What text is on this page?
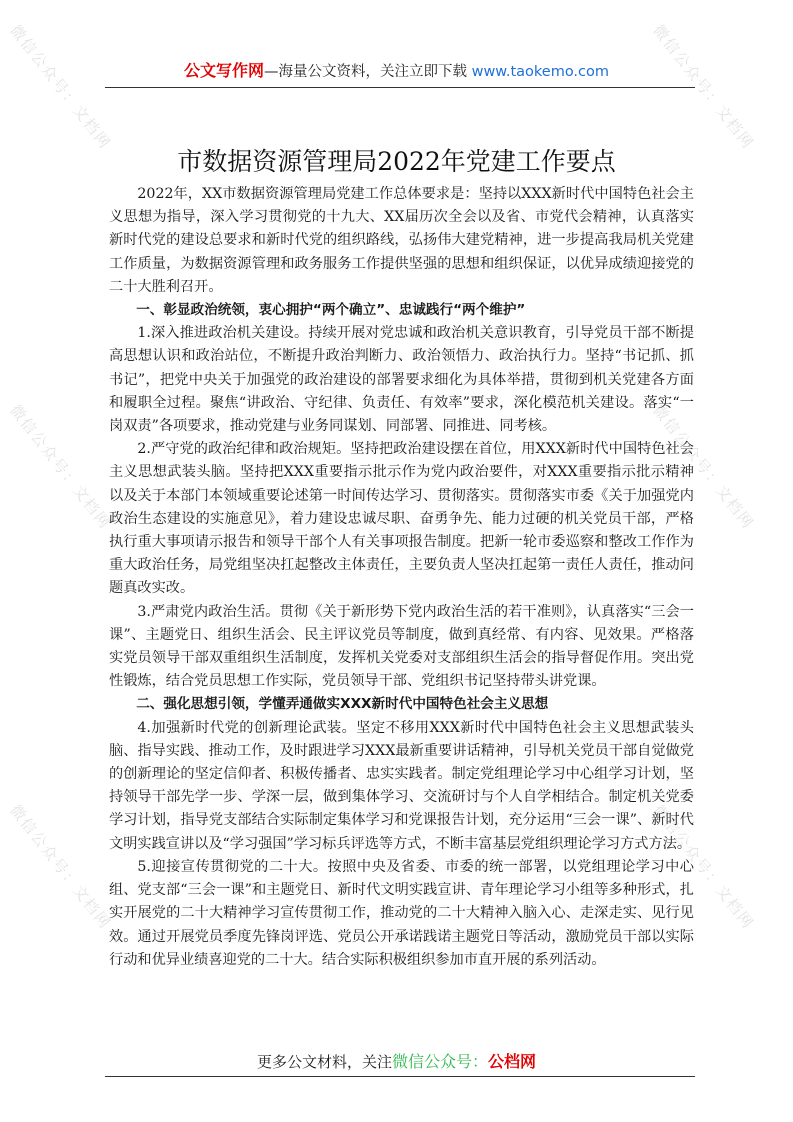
微信公众号：文档网
微信公众号：文档网
微信公众号：文档网
微信公众号：文档网
微信公众号：文档网
微信公众号：文档网
公文写作网—海量公文资料，关注立即下载 www.taokemo.com
市数据资源管理局2022年党建工作要点

2022年，XX市数据资源管理局党建工作总体要求是：坚持以XXX新时代中国特色社会主义思想为指导，深入学习贯彻党的十九大、XX届历次全会以及省、市党代会精神，认真落实新时代党的建设总要求和新时代党的组织路线，弘扬伟大建党精神，进一步提高我局机关党建工作质量，为数据资源管理和政务服务工作提供坚强的思想和组织保证，以优异成绩迎接党的二十大胜利召开。

一、彰显政治统领，衷心拥护“两个确立”、忠诚践行“两个维护”

1.深入推进政治机关建设。持续开展对党忠诚和政治机关意识教育，引导党员干部不断提高思想认识和政治站位，不断提升政治判断力、政治领悟力、政治执行力。坚持“书记抓、抓书记”，把党中央关于加强党的政治建设的部署要求细化为具体举措，贯彻到机关党建各方面和履职全过程。聚焦“讲政治、守纪律、负责任、有效率”要求，深化模范机关建设。落实“一岗双责”各项要求，推动党建与业务同谋划、同部署、同推进、同考核。

2.严守党的政治纪律和政治规矩。坚持把政治建设摆在首位，用XXX新时代中国特色社会主义思想武装头脑。坚持把XXX重要指示批示作为党内政治要件，对XXX重要指示批示精神以及关于本部门本领域重要论述第一时间传达学习、贯彻落实。贯彻落实市委《关于加强党内政治生态建设的实施意见》，着力建设忠诚尽职、奋勇争先、能力过硬的机关党员干部，严格执行重大事项请示报告和领导干部个人有关事项报告制度。把新一轮市委巡察和整改工作作为重大政治任务，局党组坚决扛起整改主体责任，主要负责人坚决扛起第一责任人责任，推动问题真改实改。

3.严肃党内政治生活。贯彻《关于新形势下党内政治生活的若干准则》，认真落实“三会一课”、主题党日、组织生活会、民主评议党员等制度，做到真经常、有内容、见效果。严格落实党员领导干部双重组织生活制度，发挥机关党委对支部组织生活会的指导督促作用。突出党性锻炼，结合党员思想工作实际，党员领导干部、党组织书记坚持带头讲党课。

二、强化思想引领，学懂弄通做实XXX新时代中国特色社会主义思想

4.加强新时代党的创新理论武装。坚定不移用XXX新时代中国特色社会主义思想武装头脑、指导实践、推动工作，及时跟进学习XXX最新重要讲话精神，引导机关党员干部自觉做党的创新理论的坚定信仰者、积极传播者、忠实实践者。制定党组理论学习中心组学习计划，坚持领导干部先学一步、学深一层，做到集体学习、交流研讨与个人自学相结合。制定机关党委学习计划，指导党支部结合实际制定集体学习和党课报告计划，充分运用“三会一课”、新时代文明实践宣讲以及“学习强国”学习标兵评选等方式，不断丰富基层党组织理论学习方式方法。

5.迎接宣传贯彻党的二十大。按照中央及省委、市委的统一部署，以党组理论学习中心组、党支部“三会一课”和主题党日、新时代文明实践宣讲、青年理论学习小组等多种形式，扎实开展党的二十大精神学习宣传贯彻工作，推动党的二十大精神入脑入心、走深走实、见行见效。通过开展党员季度先锋岗评选、党员公开承诺践诺主题党日等活动，激励党员干部以实际行动和优异业绩喜迎党的二十大。结合实际积极组织参加市直开展的系列活动。

更多公文材料，关注微信公众号：公档网
